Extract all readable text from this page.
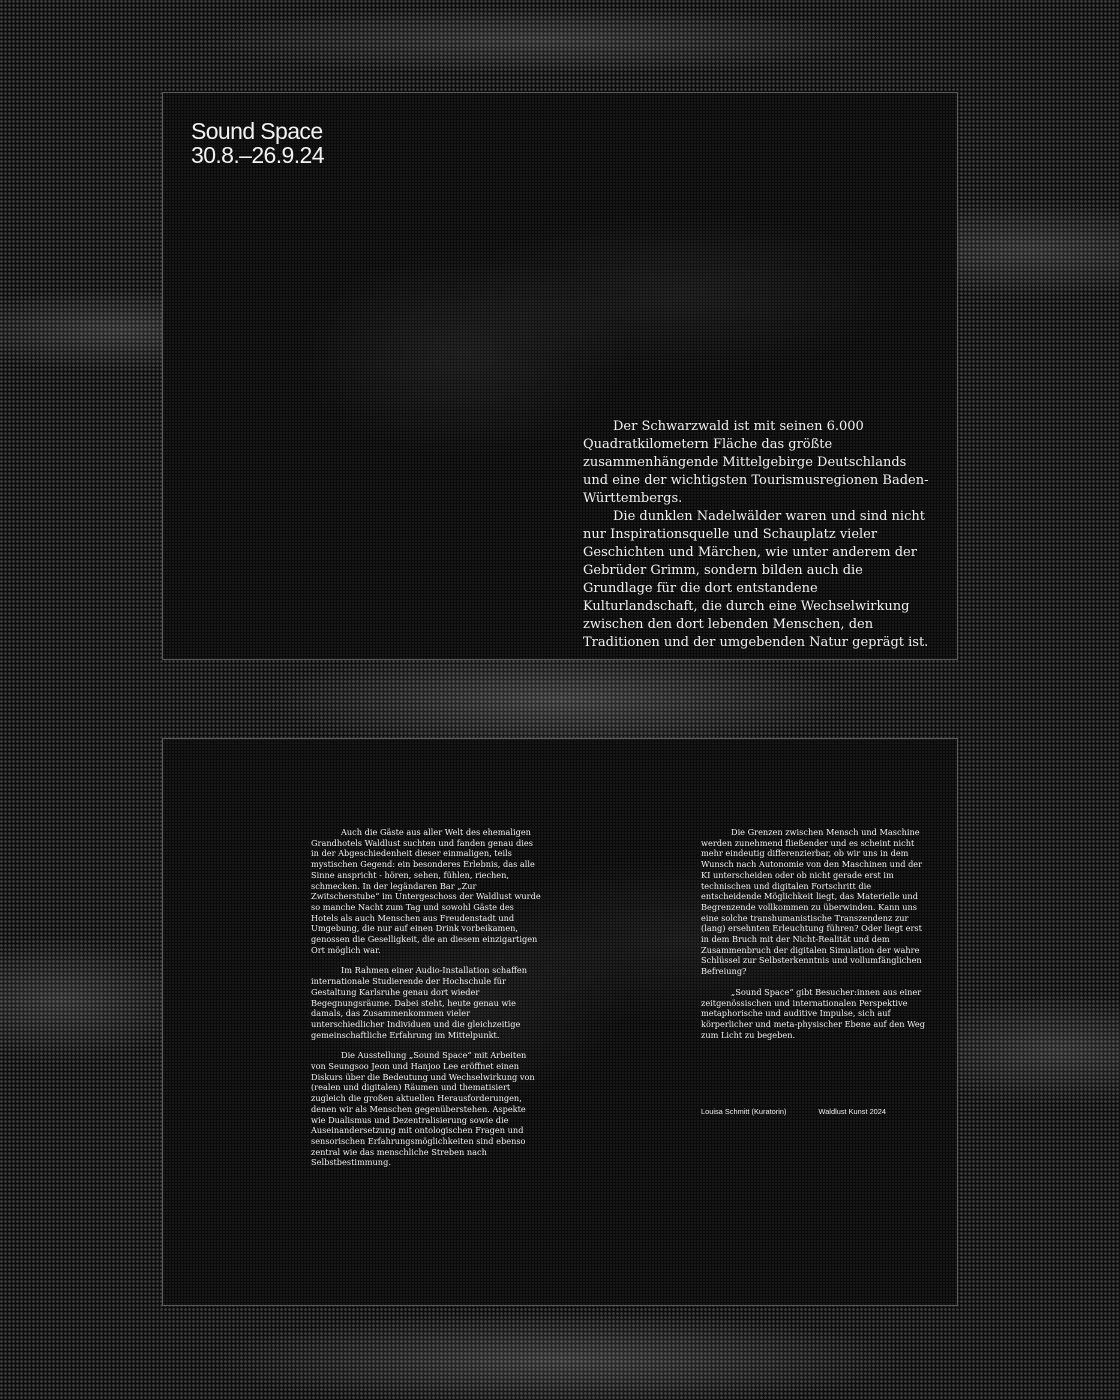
Sound Space
30.8.–26.9.24

Der Schwarzwald ist mit seinen 6.000 Quadratkilometern Fläche das größte zusammenhängende Mittelgebirge Deutschlands und eine der wichtigsten Tourismusregionen Baden-Württembergs.

Die dunklen Nadelwälder waren und sind nicht nur Inspirationsquelle und Schauplatz vieler Geschichten und Märchen, wie unter anderem der Gebrüder Grimm, sondern bilden auch die Grundlage für die dort entstandene Kulturlandschaft, die durch eine Wechselwirkung zwischen den dort lebenden Menschen, den Traditionen und der umgebenden Natur geprägt ist.

Auch die Gäste aus aller Welt des ehemaligen Grandhotels Waldlust suchten und fanden genau dies in der Abgeschiedenheit dieser einmaligen, teils mystischen Gegend: ein besonderes Erlebnis, das alle Sinne anspricht - hören, sehen, fühlen, riechen, schmecken. In der legändaren Bar „Zur Zwitscherstube“ im Untergeschoss der Waldlust wurde so manche Nacht zum Tag und sowohl Gäste des Hotels als auch Menschen aus Freudenstadt und Umgebung, die nur auf einen Drink vorbeikamen, genossen die Geselligkeit, die an diesem einzigartigen Ort möglich war.

Im Rahmen einer Audio-Installation schaffen internationale Studierende der Hochschule für Gestaltung Karlsruhe genau dort wieder Begegnungsräume. Dabei steht, heute genau wie damals, das Zusammenkommen vieler unterschiedlicher Individuen und die gleichzeitige gemeinschaftliche Erfahrung im Mittelpunkt.

Die Ausstellung „Sound Space“ mit Arbeiten von Seungsoo Jeon und Hanjoo Lee eröffnet einen Diskurs über die Bedeutung und Wechselwirkung von (realen und digitalen) Räumen und thematisiert zugleich die großen aktuellen Herausforderungen, denen wir als Menschen gegenüberstehen. Aspekte wie Dualismus und Dezentralisierung sowie die Auseinandersetzung mit ontologischen Fragen und sensorischen Erfahrungsmöglichkeiten sind ebenso zentral wie das menschliche Streben nach Selbstbestimmung.

Die Grenzen zwischen Mensch und Maschine werden zunehmend fließender und es scheint nicht mehr eindeutig differenzierbar, ob wir uns in dem Wunsch nach Autonomie von den Maschinen und der KI unterscheiden oder ob nicht gerade erst im technischen und digitalen Fortschritt die entscheidende Möglichkeit liegt, das Materielle und Begrenzende vollkommen zu überwinden. Kann uns eine solche transhumanistische Transzendenz zur (lang) ersehnten Erleuchtung führen? Oder liegt erst in dem Bruch mit der Nicht-Realität und dem Zusammenbruch der digitalen Simulation der wahre Schlüssel zur Selbsterkenntnis und vollumfänglichen Befreiung?

„Sound Space“ gibt Besucher:innen aus einer zeitgenössischen und internationalen Perspektive metaphorische und auditive Impulse, sich auf körperlicher und meta-physischer Ebene auf den Weg zum Licht zu begeben.

Louisa Schmitt (Kuratorin)	Waldlust Kunst 2024
